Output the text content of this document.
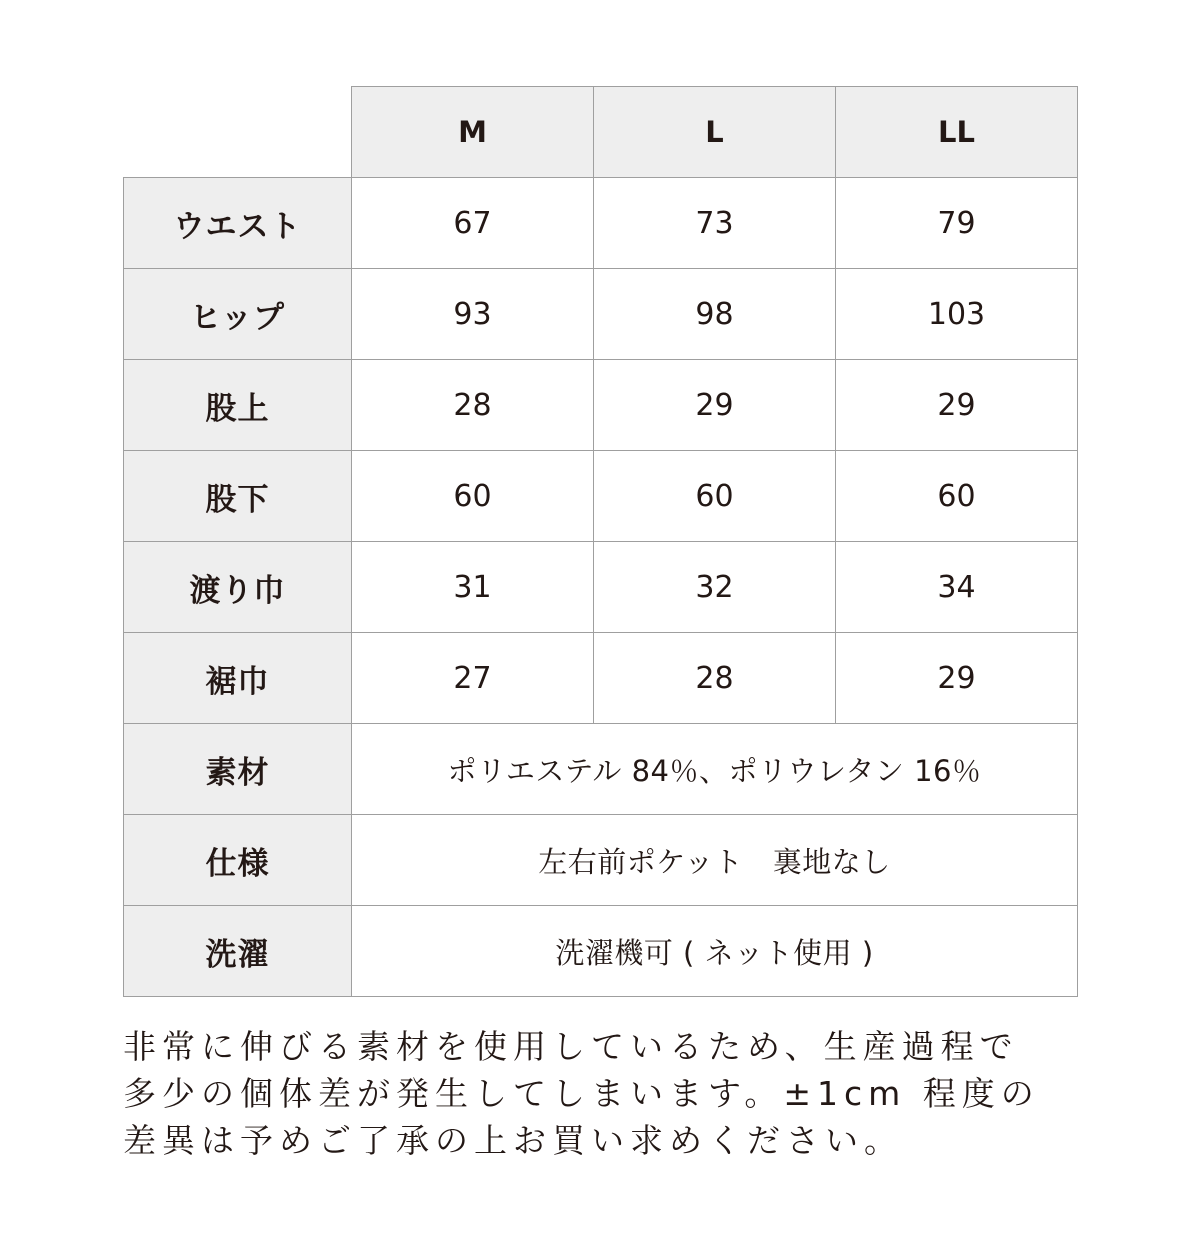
	M	L	LL
ウエスト	67	73	79
ヒップ	93	98	103
股上	28	29	29
股下	60	60	60
渡り巾	31	32	34
裾巾	27	28	29
素材	ポリエステル 84％、ポリウレタン 16％		
仕様	左右前ポケット　裏地なし		
洗濯	洗濯機可 ( ネット使用 )		

非常に伸びる素材を使用しているため、生産過程で
多少の個体差が発生してしまいます。±1cm 程度の
差異は予めご了承の上お買い求めください。
